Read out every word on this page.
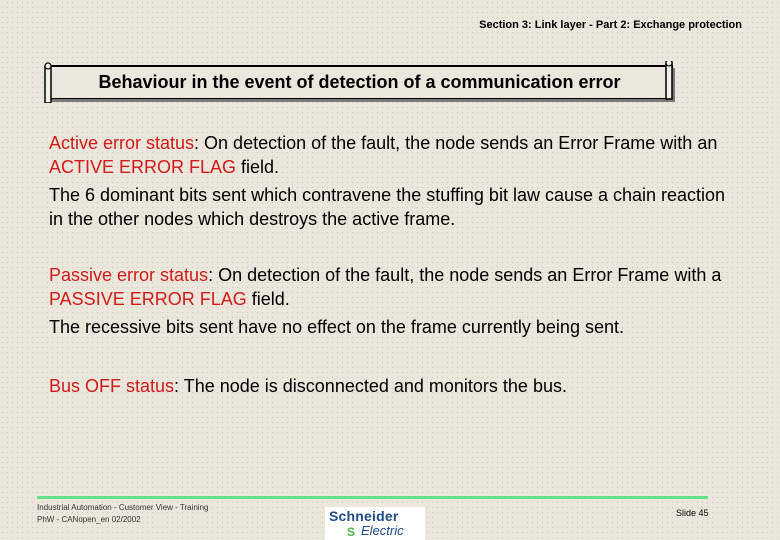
Section 3: Link layer - Part 2: Exchange protection
Behaviour in the event of detection of a communication error

Active error status: On detection of the fault, the node sends an Error Frame with an ACTIVE ERROR FLAG field.

The 6 dominant bits sent which contravene the stuffing bit law cause a chain reaction in the other nodes which destroys the active frame.

Passive error status: On detection of the fault, the node sends an Error Frame with a PASSIVE ERROR FLAG field.

The recessive bits sent have no effect on the frame currently being sent.

Bus OFF status: The node is disconnected and monitors the bus.

Industrial Automation - Customer View - Training
PhW - CANopen_en 02/2002	Schneider
S Electric
Slide 45
